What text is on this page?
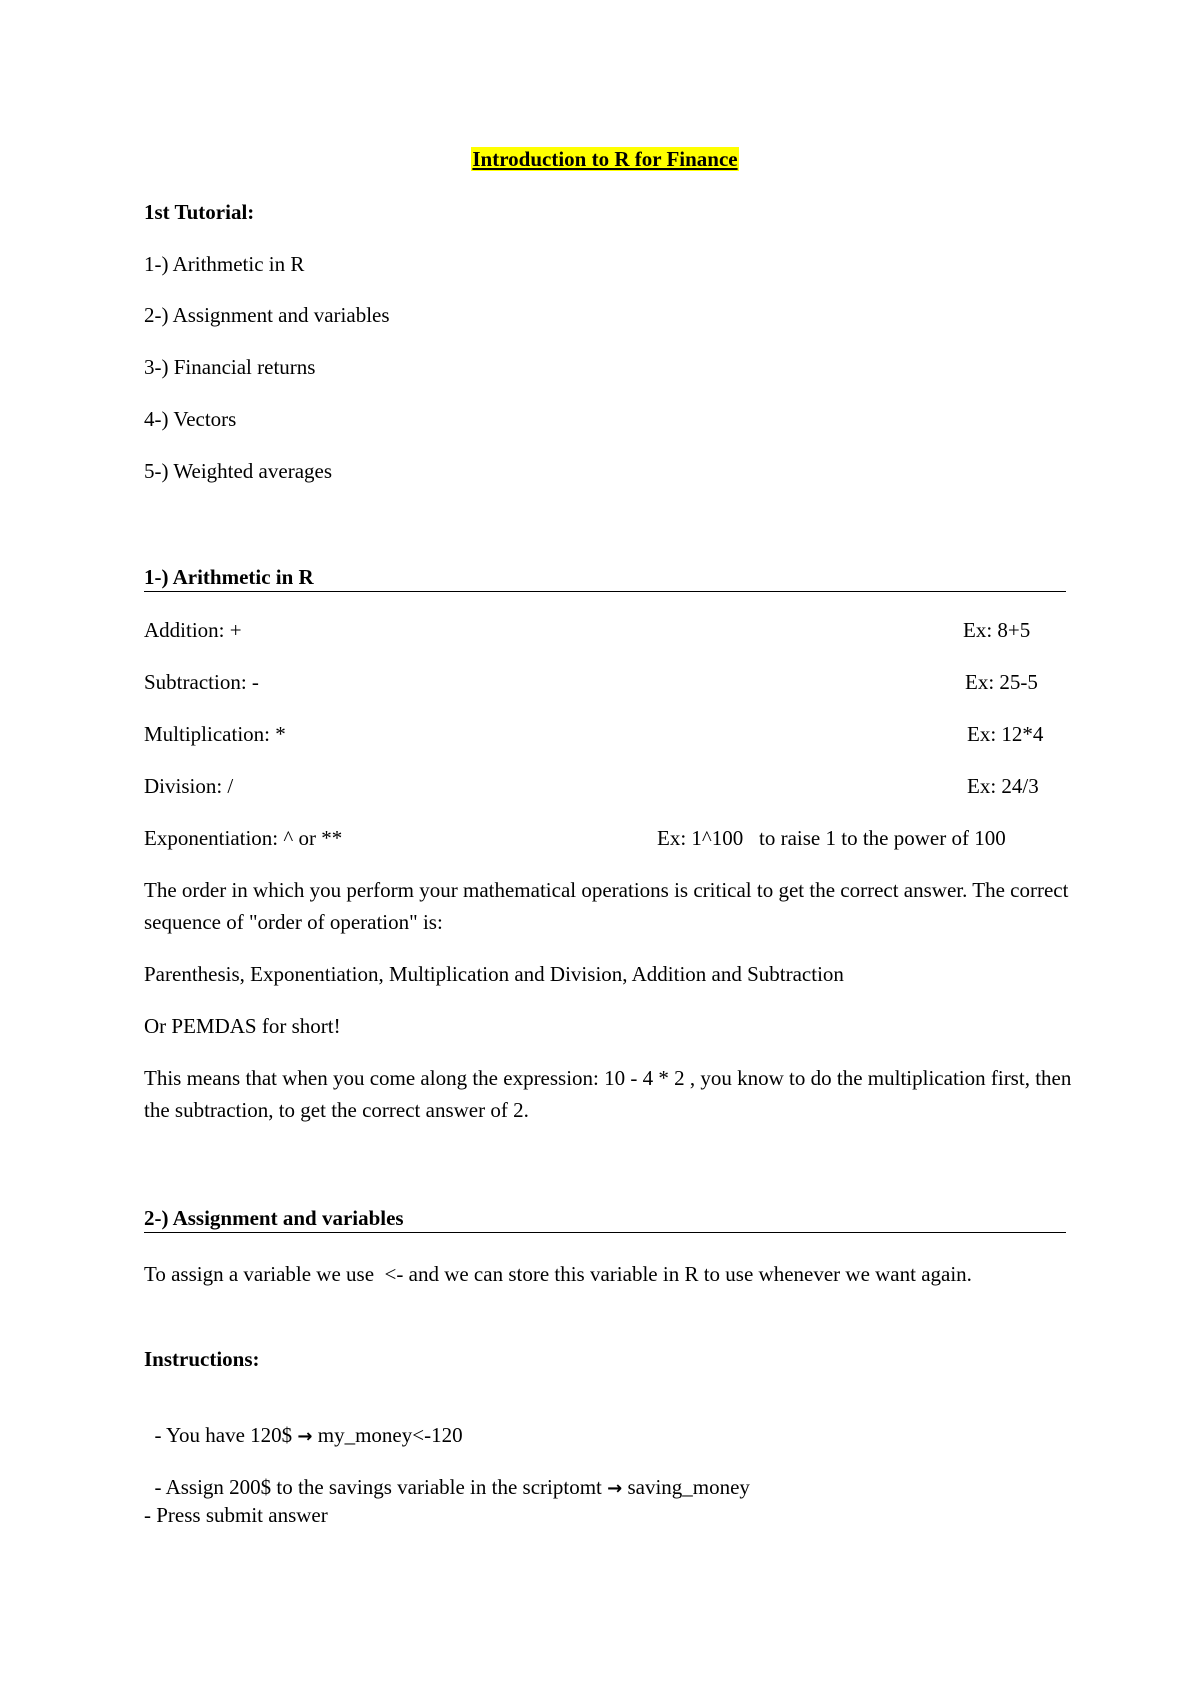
Introduction to R for Finance
1st Tutorial:
1-) Arithmetic in R
2-) Assignment and variables
3-) Financial returns
4-) Vectors
5-) Weighted averages
1-) Arithmetic in R
Addition: +	Ex: 8+5
Subtraction: -	Ex: 25-5
Multiplication: *	Ex: 12*4
Division: /	Ex: 24/3
Exponentiation: ^ or **	Ex: 1^100   to raise 1 to the power of 100
The order in which you perform your mathematical operations is critical to get the correct answer. The correct sequence of "order of operation" is:
Parenthesis, Exponentiation, Multiplication and Division, Addition and Subtraction
Or PEMDAS for short!
This means that when you come along the expression: 10 - 4 * 2 , you know to do the multiplication first, then the subtraction, to get the correct answer of 2.
2-) Assignment and variables
To assign a variable we use  <- and we can store this variable in R to use whenever we want again.
Instructions:

- You have 120$ → my_money<-120

- Assign 200$ to the savings variable in the scriptomt → saving_money

- Press submit answer
